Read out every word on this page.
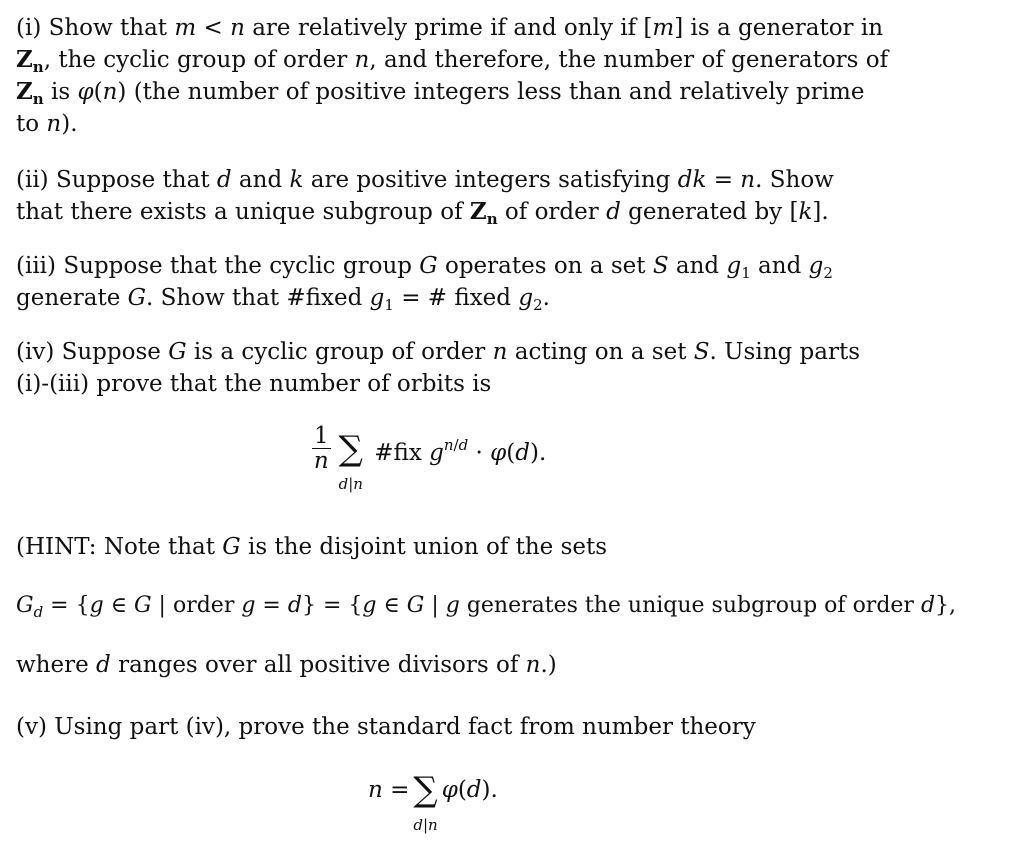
(i) Show that m < n are relatively prime if and only if [m] is a generator in
$Z_n$, the cyclic group of order n, and therefore, the number of generators of
$Z_n$ is φ(n) (the number of positive integers less than and relatively prime
to n).
(ii) Suppose that d and k are positive integers satisfying dk = n. Show
that there exists a unique subgroup of $Z_n$ of order d generated by [k].
(iii) Suppose that the cyclic group G operates on a set S and $g_1$ and $g_2$
generate G. Show that #fixed $g_1$ = # fixed $g_2$.
(iv) Suppose G is a cyclic group of order n acting on a set S. Using parts
(i)-(iii) prove that the number of orbits is
$\frac{1}{n}$ ∑
d|n
#fix $g^{n/d} \cdot \varphi(d)$.
(HINT: Note that G is the disjoint union of the sets
$G_d = \{g$ ∈ G | order g = d} = {g ∈ G | g generates the unique subgroup of order d},
where d ranges over all positive divisors of n.)
(v) Using part (iv), prove the standard fact from number theory
n = ∑
d|n
φ(d).
